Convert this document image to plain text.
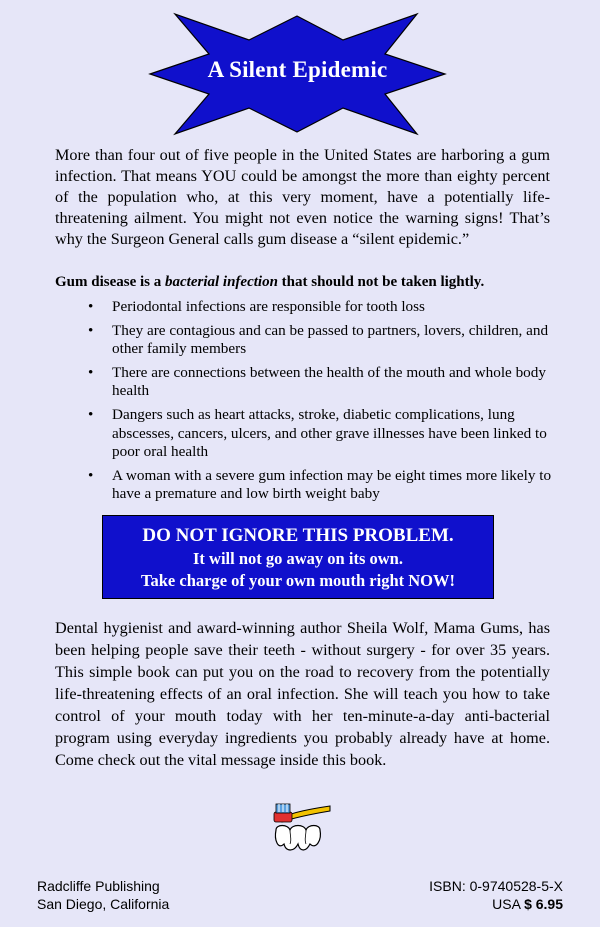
A Silent Epidemic

More than four out of five people in the United States are harboring a gum infection. That means YOU could be amongst the more than eighty percent of the population who, at this very moment, have a potentially life-threatening ailment. You might not even notice the warning signs! That’s why the Surgeon General calls gum disease a “silent epidemic.”

Gum disease is a bacterial infection that should not be taken lightly.

• Periodontal infections are responsible for tooth loss
• They are contagious and can be passed to partners, lovers, children, and other family members
• There are connections between the health of the mouth and whole body health
• Dangers such as heart attacks, stroke, diabetic complications, lung abscesses, cancers, ulcers, and other grave illnesses have been linked to poor oral health
• A woman with a severe gum infection may be eight times more likely to have a premature and low birth weight baby
DO NOT IGNORE THIS PROBLEM.
It will not go away on its own.
Take charge of your own mouth right NOW!

Dental hygienist and award-winning author Sheila Wolf, Mama Gums, has been helping people save their teeth - without surgery - for over 35 years. This simple book can put you on the road to recovery from the potentially life-threatening effects of an oral infection. She will teach you how to take control of your mouth today with her ten-minute-a-day anti-bacterial program using everyday ingredients you probably already have at home. Come check out the vital message inside this book.

Radcliffe Publishing
San Diego, California
ISBN: 0-9740528-5-X
USA $ 6.95
